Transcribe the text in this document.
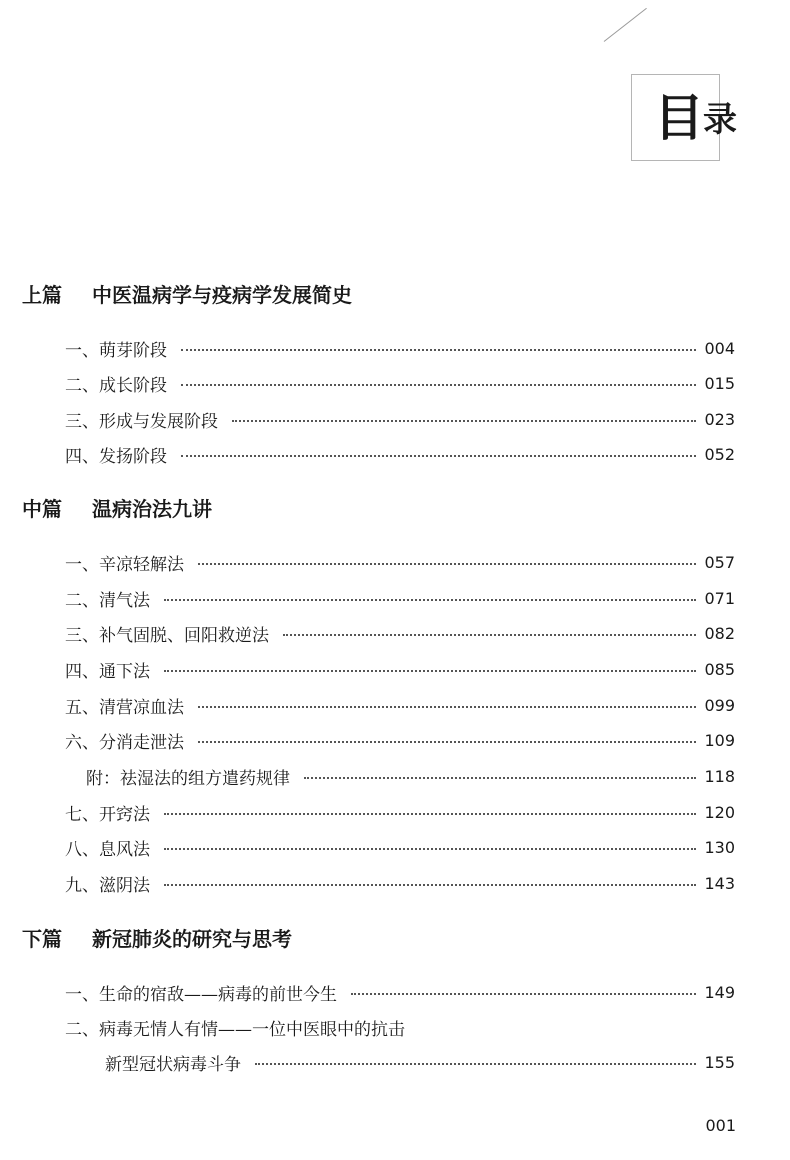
目 录
上篇	中医温病学与疫病学发展简史
一、萌芽阶段	004
二、成长阶段	015
三、形成与发展阶段	023
四、发扬阶段	052
中篇	温病治法九讲
一、辛凉轻解法	057
二、清气法	071
三、补气固脱、回阳救逆法	082
四、通下法	085
五、清营凉血法	099
六、分消走泄法	109
附：祛湿法的组方遣药规律	118
七、开窍法	120
八、息风法	130
九、滋阴法	143
下篇	新冠肺炎的研究与思考
一、生命的宿敌——病毒的前世今生	149
二、病毒无情人有情——一位中医眼中的抗击
新型冠状病毒斗争	155
001
